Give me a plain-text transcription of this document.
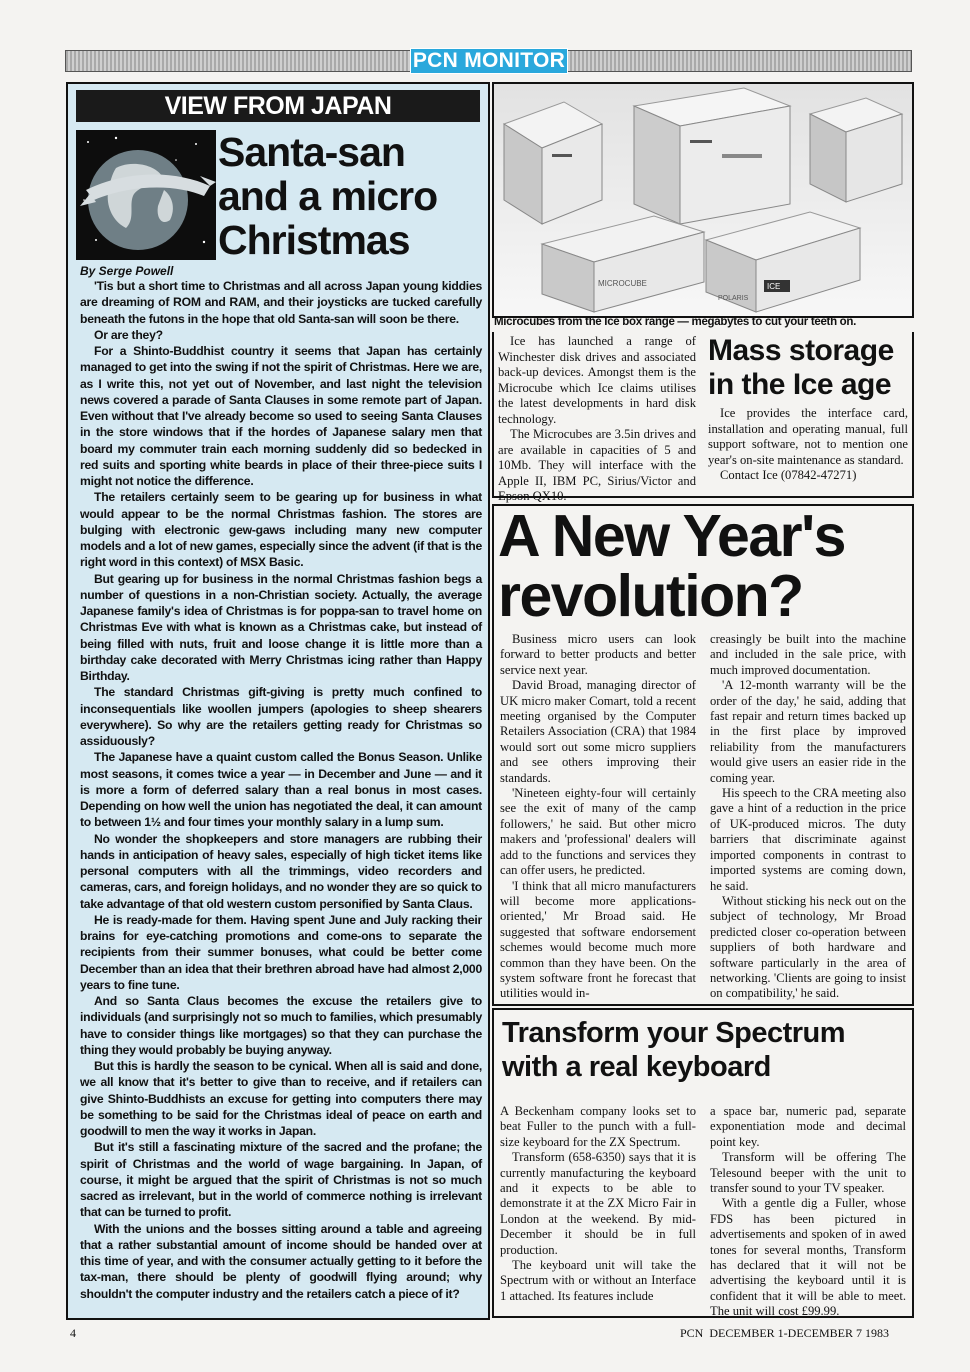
PCN MONITOR
VIEW FROM JAPAN
Santa-san and a micro Christmas
By Serge Powell

'Tis but a short time to Christmas and all across Japan young kiddies are dreaming of ROM and RAM, and their joysticks are tucked carefully beneath the futons in the hope that old Santa-san will soon be there.

Or are they?

For a Shinto-Buddhist country it seems that Japan has certainly managed to get into the swing if not the spirit of Christmas. Here we are, as I write this, not yet out of November, and last night the television news covered a parade of Santa Clauses in some remote part of Japan. Even without that I've already become so used to seeing Santa Clauses in the store windows that if the hordes of Japanese salary men that board my commuter train each morning suddenly did so bedecked in red suits and sporting white beards in place of their three-piece suits I might not notice the difference.

The retailers certainly seem to be gearing up for business in what would appear to be the normal Christmas fashion. The stores are bulging with electronic gew-gaws including many new computer models and a lot of new games, especially since the advent (if that is the right word in this context) of MSX Basic.

But gearing up for business in the normal Christmas fashion begs a number of questions in a non-Christian society. Actually, the average Japanese family's idea of Christmas is for poppa-san to travel home on Christmas Eve with what is known as a Christmas cake, but instead of being filled with nuts, fruit and loose change it is little more than a birthday cake decorated with Merry Christmas icing rather than Happy Birthday.

The standard Christmas gift-giving is pretty much confined to inconsequentials like woollen jumpers (apologies to sheep shearers everywhere). So why are the retailers getting ready for Christmas so assiduously?

The Japanese have a quaint custom called the Bonus Season. Unlike most seasons, it comes twice a year — in December and June — and it is more a form of deferred salary than a real bonus in most cases. Depending on how well the union has negotiated the deal, it can amount to between 1½ and four times your monthly salary in a lump sum.

No wonder the shopkeepers and store managers are rubbing their hands in anticipation of heavy sales, especially of high ticket items like personal computers with all the trimmings, video recorders and cameras, cars, and foreign holidays, and no wonder they are so quick to take advantage of that old western custom personified by Santa Claus.

He is ready-made for them. Having spent June and July racking their brains for eye-catching promotions and come-ons to separate the recipients from their summer bonuses, what could be better come December than an idea that their brethren abroad have had almost 2,000 years to fine tune.

And so Santa Claus becomes the excuse the retailers give to individuals (and surprisingly not so much to families, which presumably have to consider things like mortgages) so that they can purchase the thing they would probably be buying anyway.

But this is hardly the season to be cynical. When all is said and done, we all know that it's better to give than to receive, and if retailers can give Shinto-Buddhists an excuse for getting into computers there may be something to be said for the Christmas ideal of peace on earth and goodwill to men the way it works in Japan.

But it's still a fascinating mixture of the sacred and the profane; the spirit of Christmas and the world of wage bargaining. In Japan, of course, it might be argued that the spirit of Christmas is not so much sacred as irrelevant, but in the world of commerce nothing is irrelevant that can be turned to profit.

With the unions and the bosses sitting around a table and agreeing that a rather substantial amount of income should be handed over at this time of year, and with the consumer actually getting to it before the tax-man, there should be plenty of goodwill flying around; why shouldn't the computer industry and the retailers catch a piece of it?

MICROCUBE	ICE
POLARIS
Microcubes from the Ice box range — megabytes to cut your teeth on.

Ice has launched a range of Winchester disk drives and associated back-up devices. Amongst them is the Microcube which Ice claims utilises the latest developments in hard disk technology.

The Microcubes are 3.5in drives and are available in capacities of 5 and 10Mb. They will interface with the Apple II, IBM PC, Sirius/Victor and Epson QX10.

Mass storage in the Ice age

Ice provides the interface card, installation and operating manual, full support software, not to mention one year's on-site maintenance as standard.

Contact Ice (07842-47271)

A New Year's revolution?

Business micro users can look forward to better products and better service next year.

David Broad, managing director of UK micro maker Comart, told a recent meeting organised by the Computer Retailers Association (CRA) that 1984 would sort out some micro suppliers and see others improving their standards.

'Nineteen eighty-four will certainly see the exit of many of the camp followers,' he said. But other micro makers and 'professional' dealers will add to the functions and services they can offer users, he predicted.

'I think that all micro manufacturers will become more applications-oriented,' Mr Broad said. He suggested that software endorsement schemes would become much more common than they have been. On the system software front he forecast that utilities would in-

creasingly be built into the machine and included in the sale price, with much improved documentation.

'A 12-month warranty will be the order of the day,' he said, adding that fast repair and return times backed up in the first place by improved reliability from the manufacturers would give users an easier ride in the coming year.

His speech to the CRA meeting also gave a hint of a reduction in the price of UK-produced micros. The duty barriers that discriminate against imported components in contrast to imported systems are coming down, he said.

Without sticking his neck out on the subject of technology, Mr Broad predicted closer co-operation between suppliers of both hardware and software particularly in the area of networking. 'Clients are going to insist on compatibility,' he said.

Transform your Spectrum with a real keyboard

A Beckenham company looks set to beat Fuller to the punch with a full-size keyboard for the ZX Spectrum.

Transform (658-6350) says that it is currently manufacturing the keyboard and it expects to be able to demonstrate it at the ZX Micro Fair in London at the weekend. By mid-December it should be in full production.

The keyboard unit will take the Spectrum with or without an Interface 1 attached. Its features include

a space bar, numeric pad, separate exponentiation mode and decimal point key.

Transform will be offering The Telesound beeper with the unit to transfer sound to your TV speaker.

With a gentle dig a Fuller, whose FDS has been pictured in advertisements and spoken of in awed tones for several months, Transform has declared that it will not be advertising the keyboard until it is confident that it will be able to meet. The unit will cost £99.99.

4	PCN  DECEMBER 1-DECEMBER 7 1983
